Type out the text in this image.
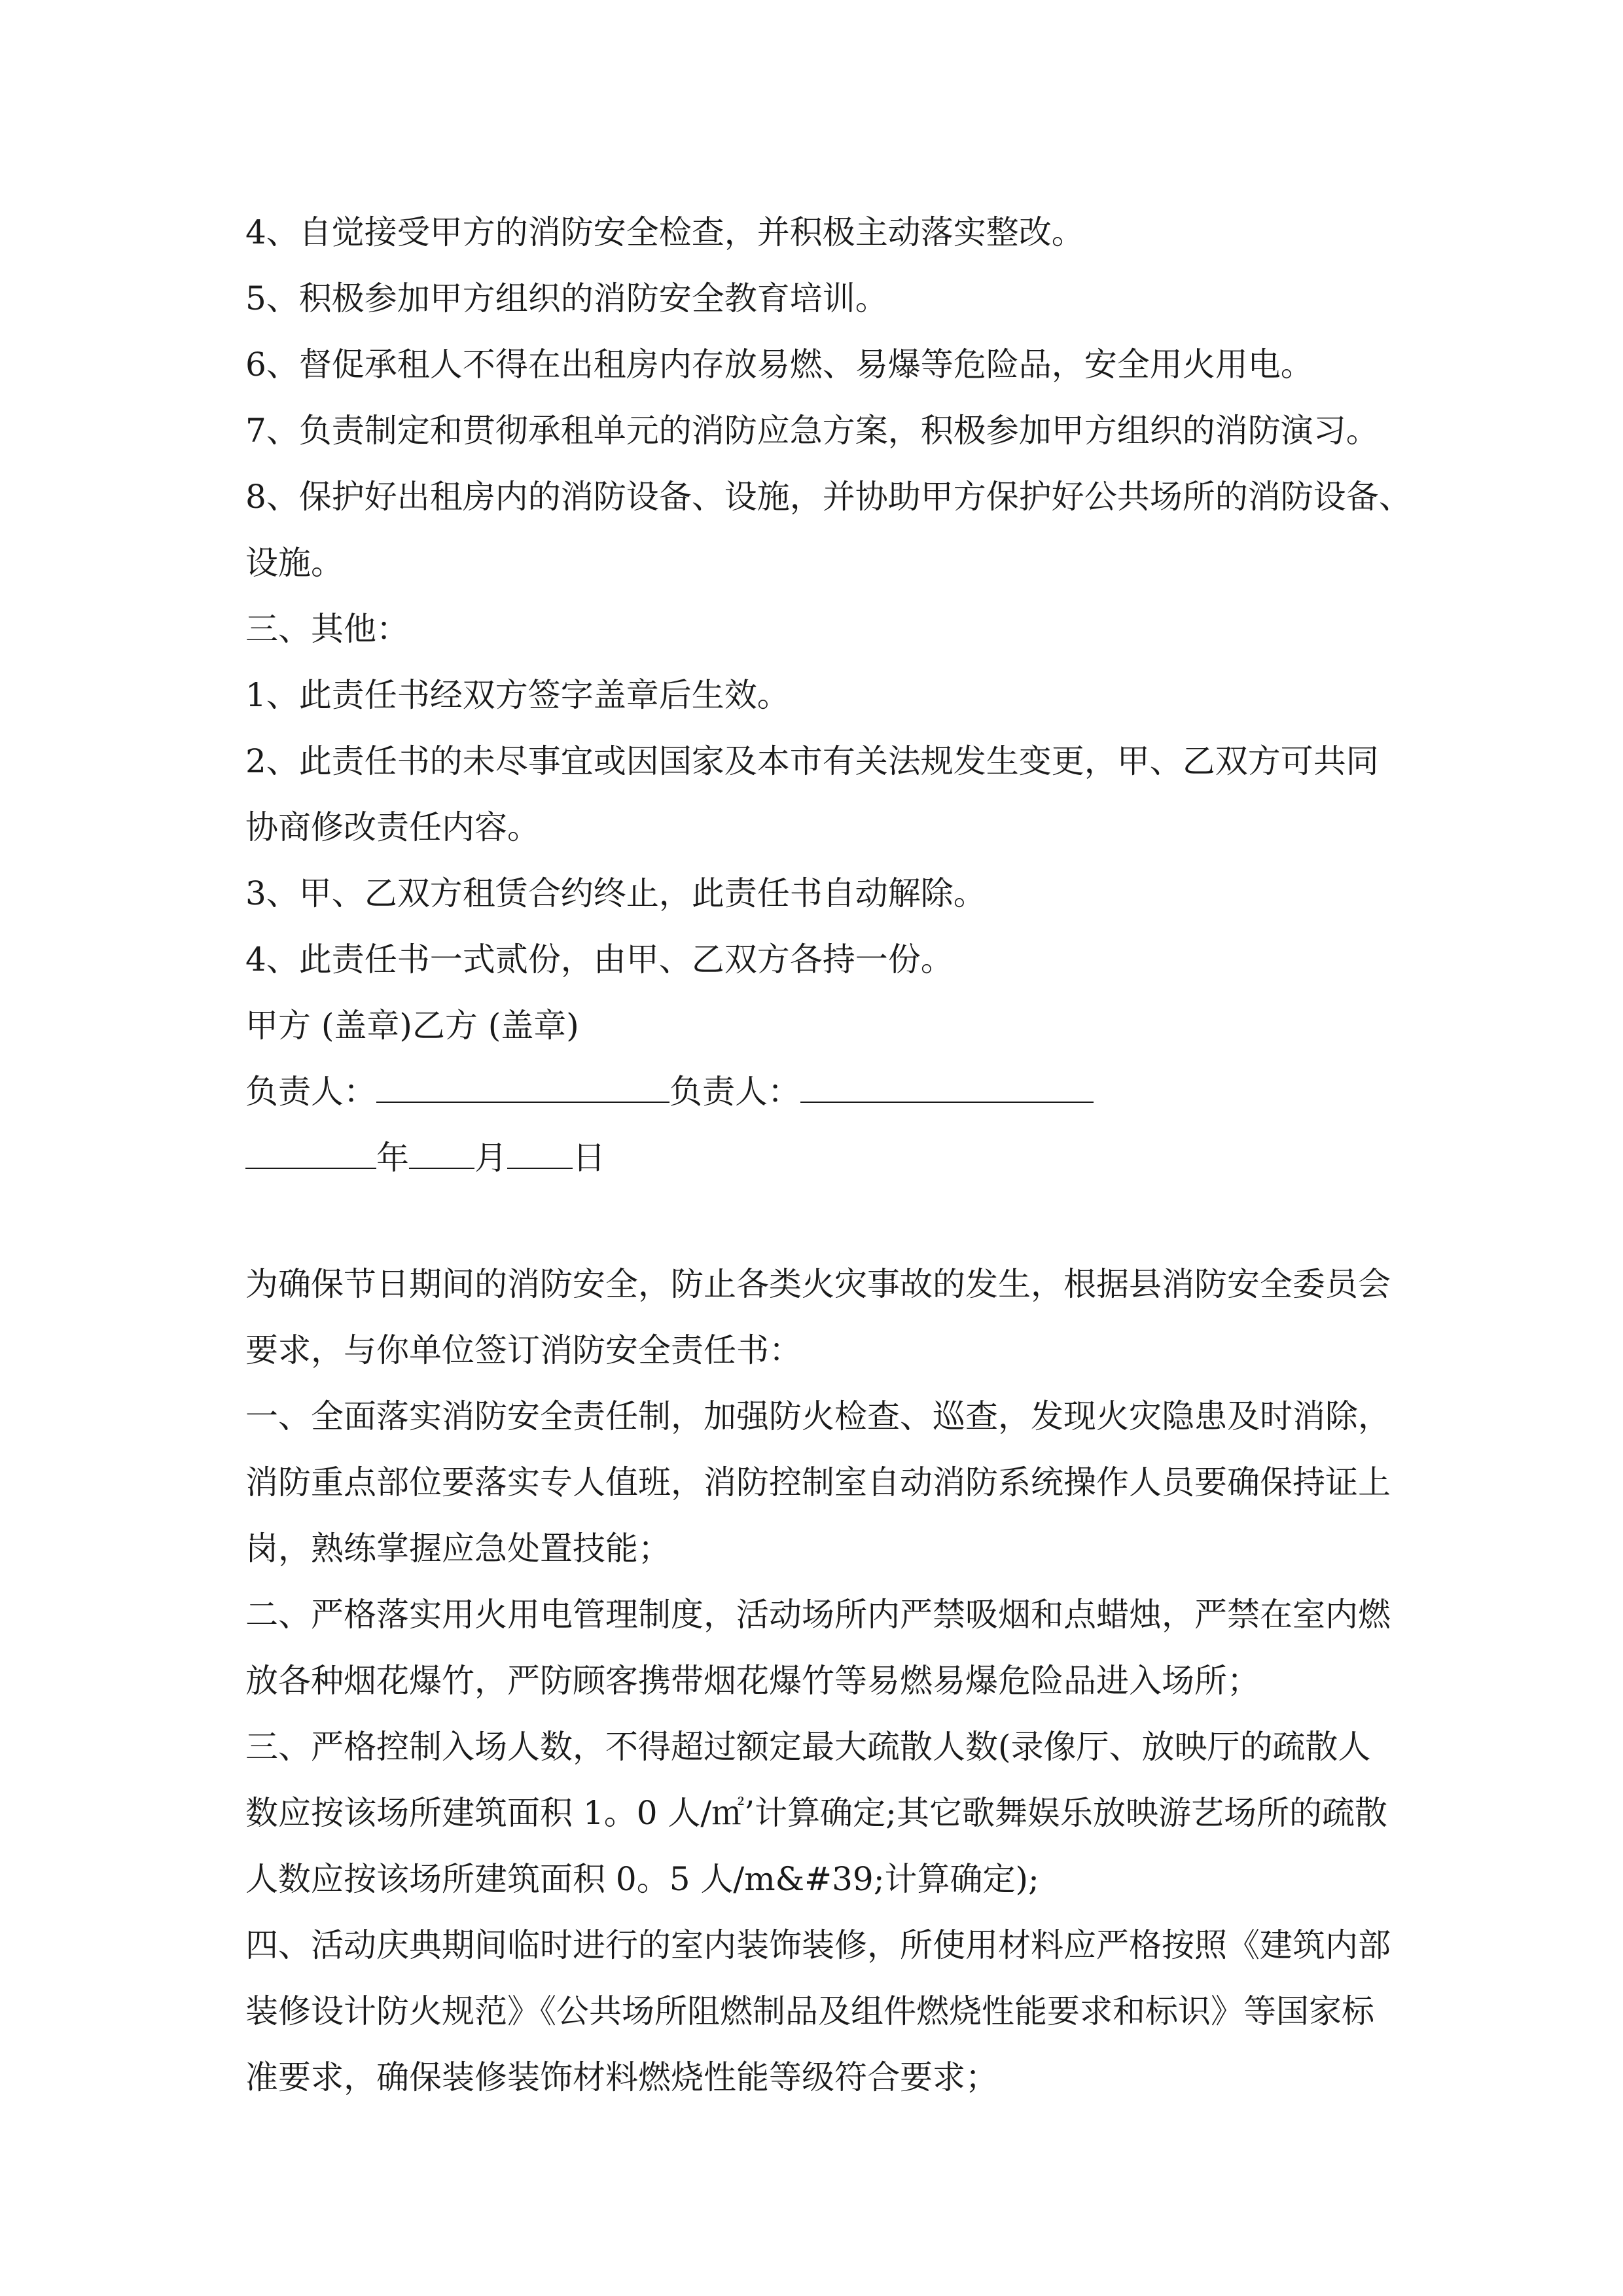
4、自觉接受甲方的消防安全检查，并积极主动落实整改。
5、积极参加甲方组织的消防安全教育培训。
6、督促承租人不得在出租房内存放易燃、易爆等危险品，安全用火用电。
7、负责制定和贯彻承租单元的消防应急方案，积极参加甲方组织的消防演习。
8、保护好出租房内的消防设备、设施，并协助甲方保护好公共场所的消防设备、
设施。
三、其他：
1、此责任书经双方签字盖章后生效。
2、此责任书的未尽事宜或因国家及本市有关法规发生变更，甲、乙双方可共同
协商修改责任内容。
3、甲、乙双方租赁合约终止，此责任书自动解除。
4、此责任书一式贰份，由甲、乙双方各持一份。
甲方 (盖章)乙方 (盖章)
负责人：	负责人：
年 月 日
为确保节日期间的消防安全，防止各类火灾事故的发生，根据县消防安全委员会
要求，与你单位签订消防安全责任书：
一、全面落实消防安全责任制，加强防火检查、巡查，发现火灾隐患及时消除，
消防重点部位要落实专人值班，消防控制室自动消防系统操作人员要确保持证上
岗，熟练掌握应急处置技能；
二、严格落实用火用电管理制度，活动场所内严禁吸烟和点蜡烛，严禁在室内燃
放各种烟花爆竹，严防顾客携带烟花爆竹等易燃易爆危险品进入场所；
三、严格控制入场人数，不得超过额定最大疏散人数(录像厅、放映厅的疏散人
数应按该场所建筑面积 1。0 人/㎡’计算确定;其它歌舞娱乐放映游艺场所的疏散
人数应按该场所建筑面积 0。5 人/m&#39;计算确定);
四、活动庆典期间临时进行的室内装饰装修，所使用材料应严格按照《建筑内部
装修设计防火规范》《公共场所阻燃制品及组件燃烧性能要求和标识》等国家标
准要求，确保装修装饰材料燃烧性能等级符合要求；
